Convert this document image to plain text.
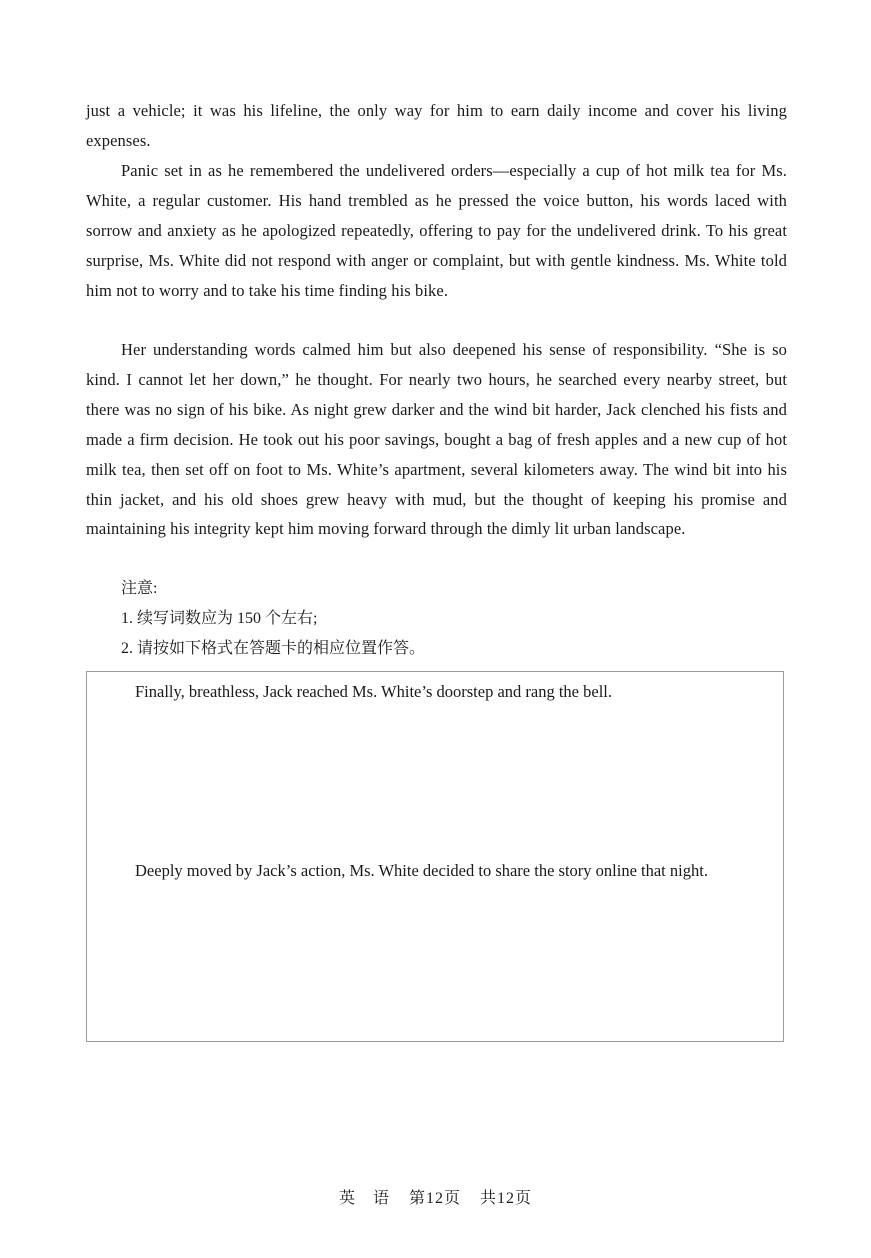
just a vehicle; it was his lifeline, the only way for him to earn daily income and cover his living expenses.

Panic set in as he remembered the undelivered orders—especially a cup of hot milk tea for Ms. White, a regular customer. His hand trembled as he pressed the voice button, his words laced with sorrow and anxiety as he apologized repeatedly, offering to pay for the undelivered drink. To his great surprise, Ms. White did not respond with anger or complaint, but with gentle kindness. Ms. White told him not to worry and to take his time finding his bike.

Her understanding words calmed him but also deepened his sense of responsibility. “She is so kind. I cannot let her down,” he thought. For nearly two hours, he searched every nearby street, but there was no sign of his bike. As night grew darker and the wind bit harder, Jack clenched his fists and made a firm decision. He took out his poor savings, bought a bag of fresh apples and a new cup of hot milk tea, then set off on foot to Ms. White’s apartment, several kilometers away. The wind bit into his thin jacket, and his old shoes grew heavy with mud, but the thought of keeping his promise and maintaining his integrity kept him moving forward through the dimly lit urban landscape.

注意:

1. 续写词数应为 150 个左右;

2. 请按如下格式在答题卡的相应位置作答。

Finally, breathless, Jack reached Ms. White’s doorstep and rang the bell.

Deeply moved by Jack’s action, Ms. White decided to share the story online that night.

英　语 第12页 共12页
